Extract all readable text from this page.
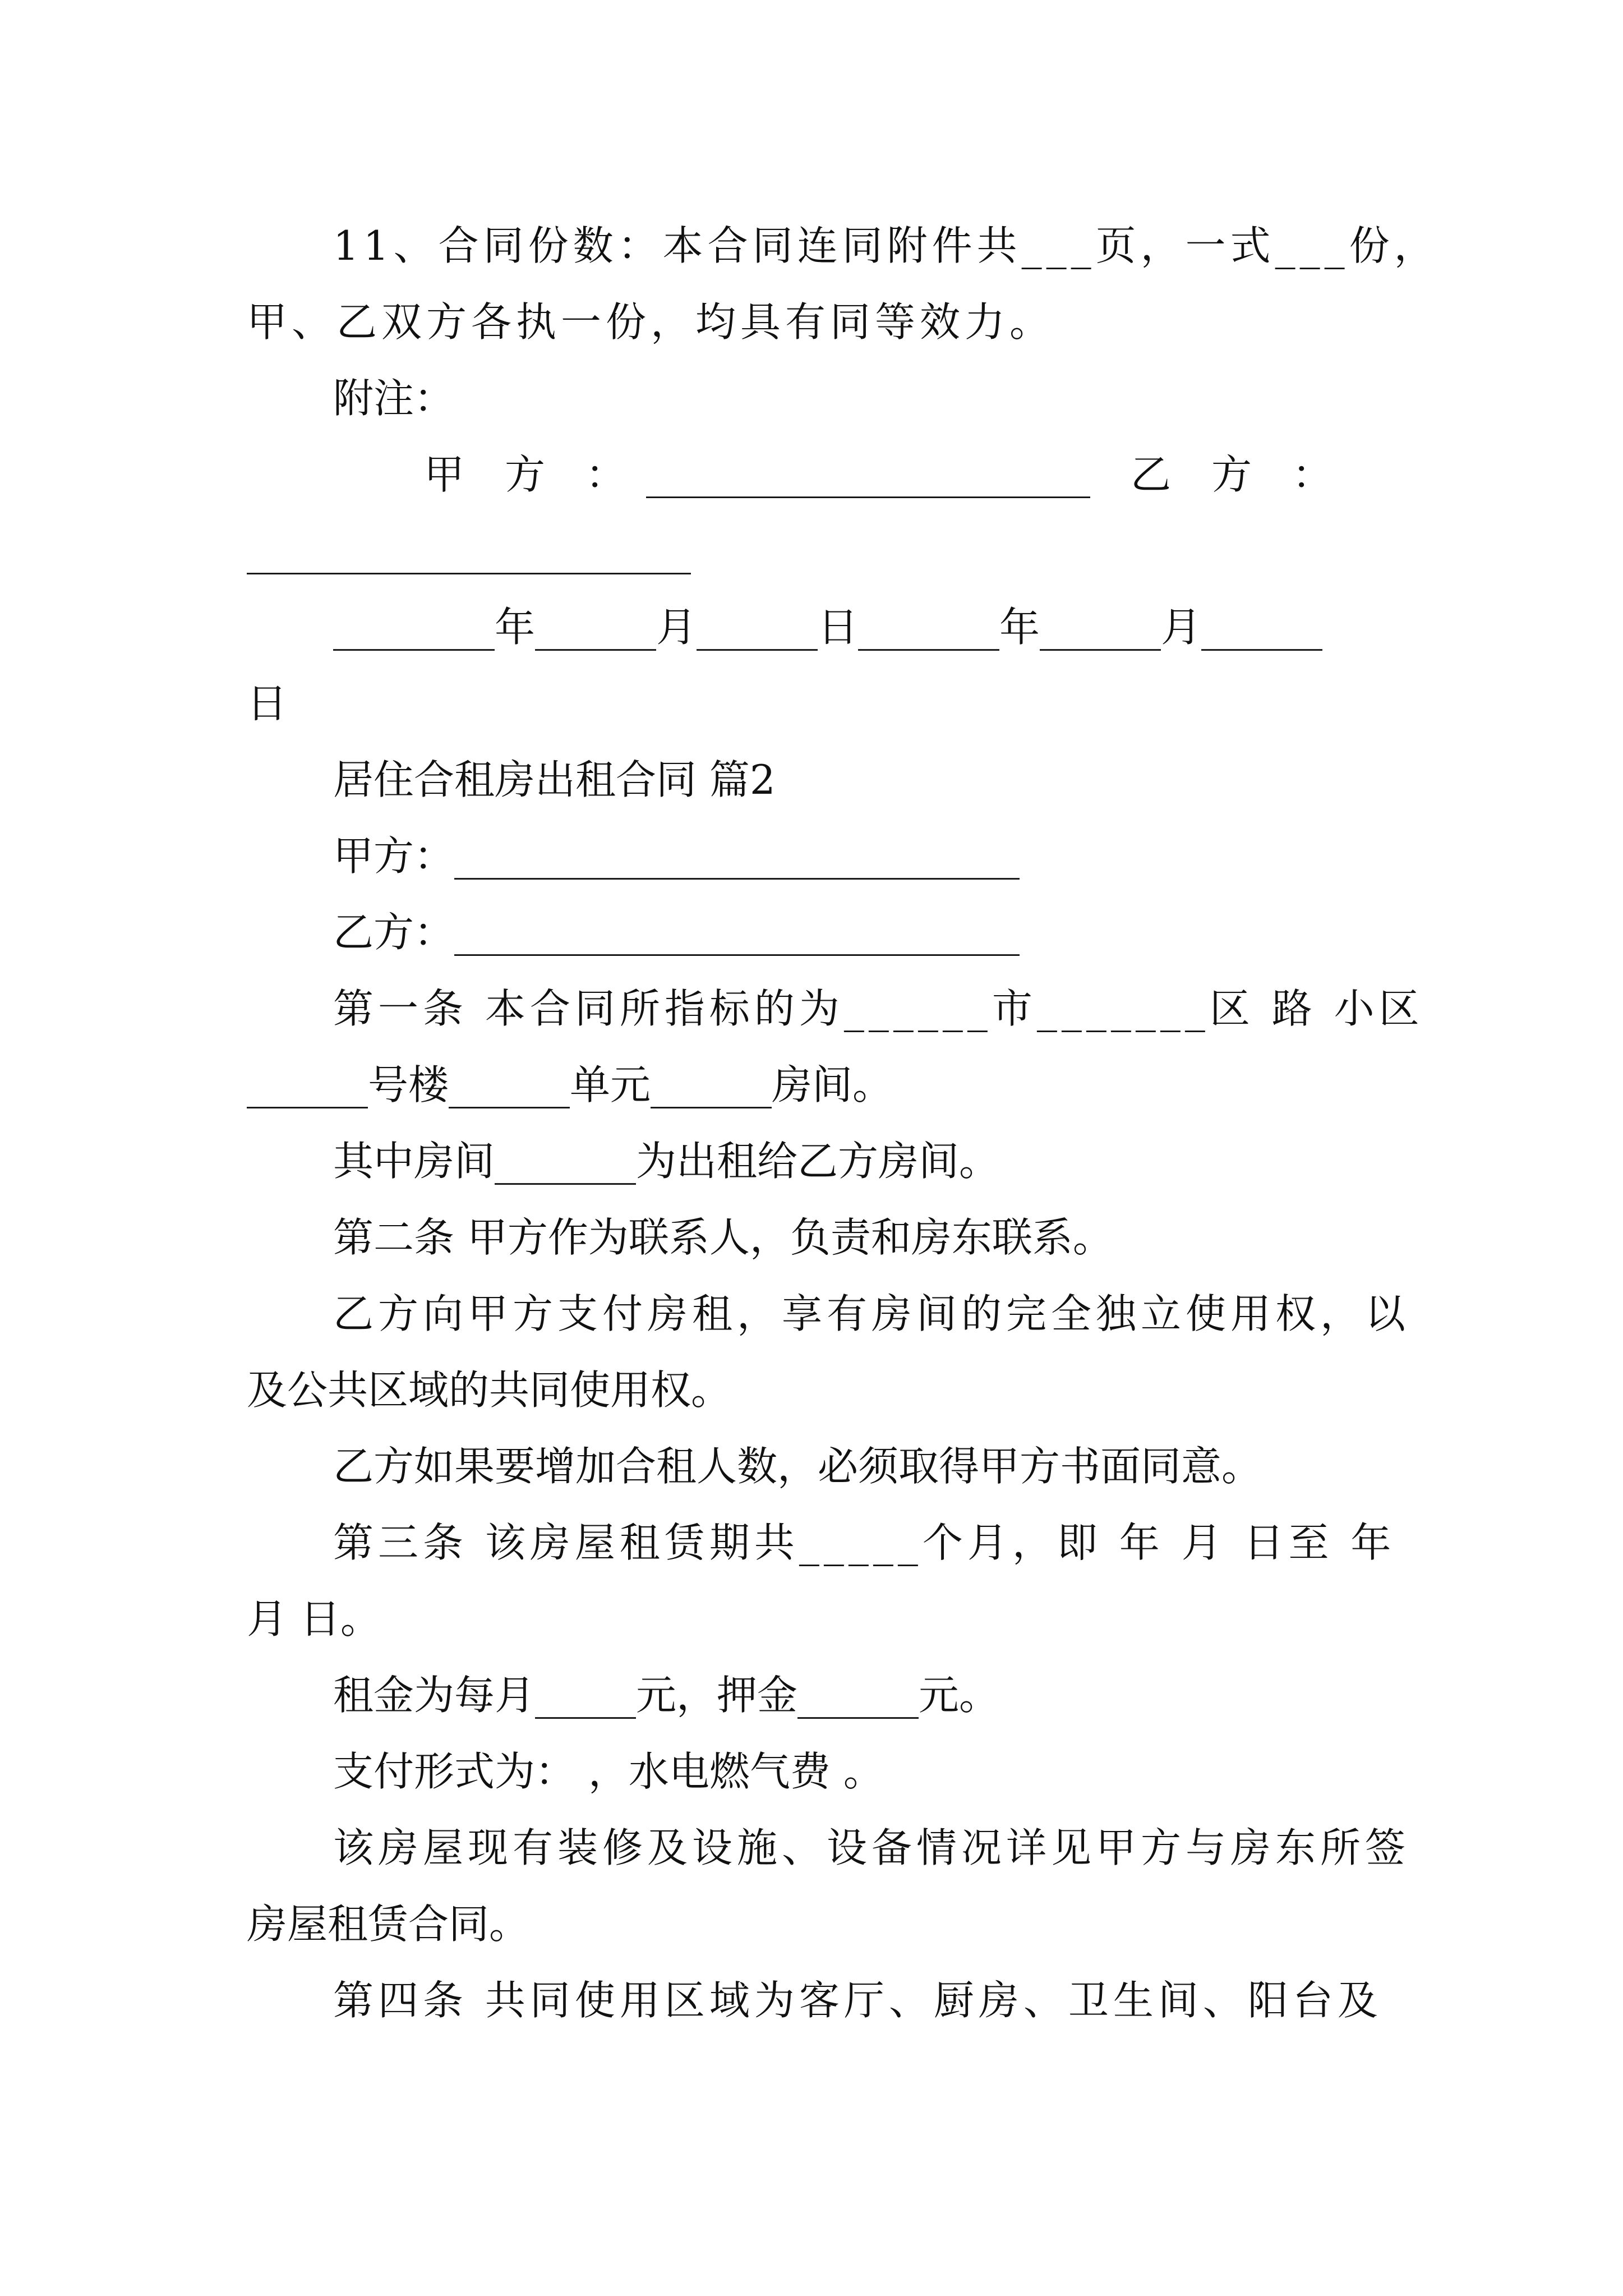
11、合同份数：本合同连同附件共___页，一式___份，
甲、乙双方各执一份，均具有同等效力。
附注：
甲　方　：　______________________　乙　方　：
______________________
________年______月______日_______年______月______
日
居住合租房出租合同 篇2
甲方：____________________________
乙方：____________________________
第一条 本合同所指标的为______市_______区 路 小区
______号楼______单元______房间。
其中房间_______为出租给乙方房间。
第二条 甲方作为联系人，负责和房东联系。
乙方向甲方支付房租，享有房间的完全独立使用权，以
及公共区域的共同使用权。
乙方如果要增加合租人数，必须取得甲方书面同意。
第三条 该房屋租赁期共_____个月，即 年 月 日至 年
月 日。
租金为每月_____元，押金______元。
支付形式为： ，水电燃气费 。
该房屋现有装修及设施、设备情况详见甲方与房东所签
房屋租赁合同。
第四条 共同使用区域为客厅、厨房、卫生间、阳台及
